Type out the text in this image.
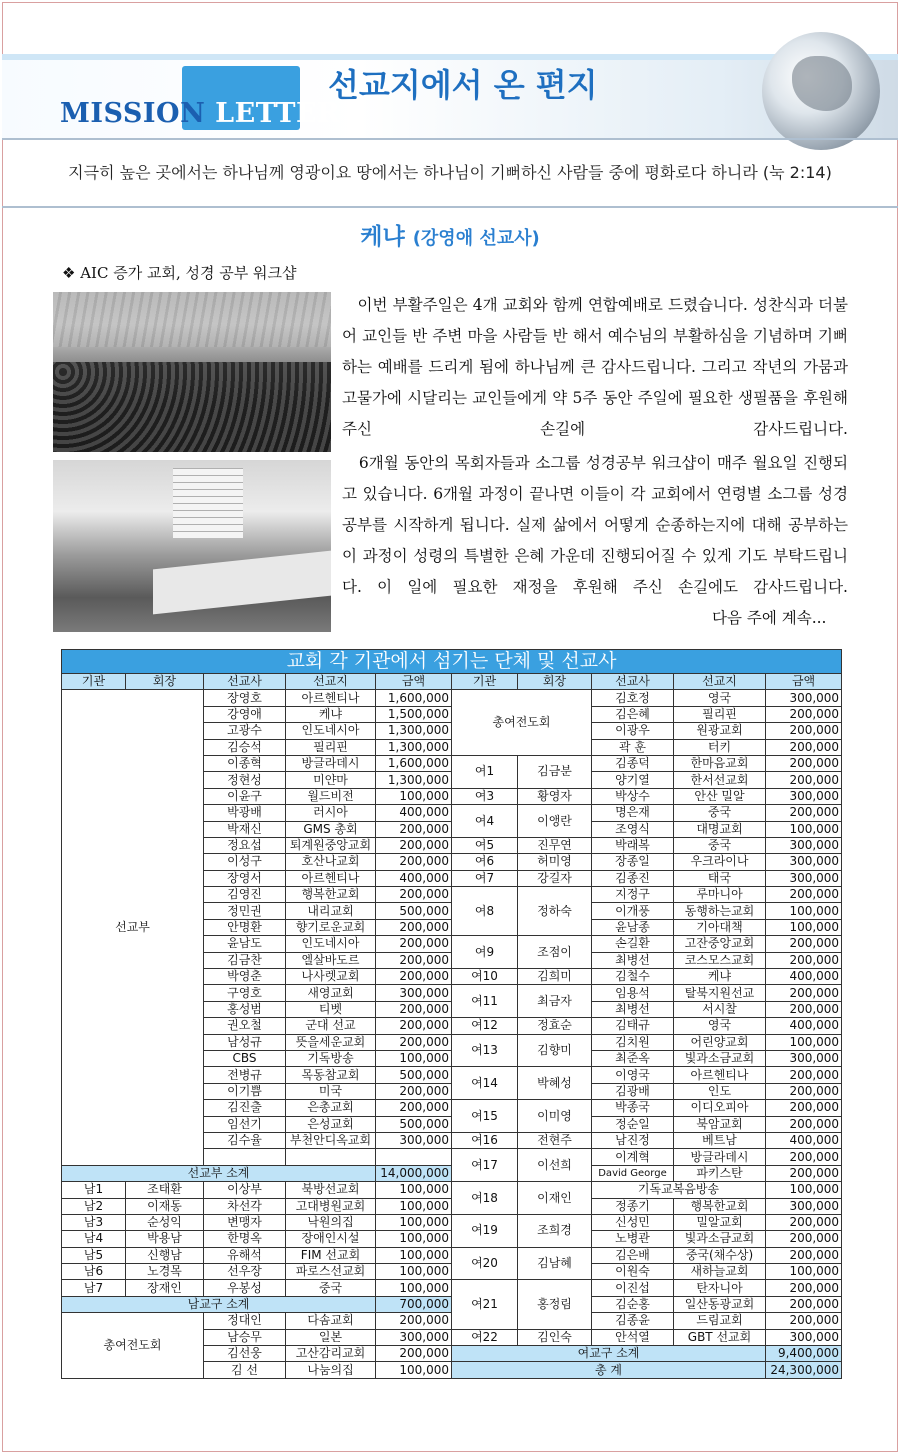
MISSION LETTER
선교지에서 온 편지
지극히 높은 곳에서는 하나님께 영광이요 땅에서는 하나님이 기뻐하신 사람들 중에 평화로다 하니라 (눅 2:14)
케냐 (강영애 선교사)
❖ AIC 증가 교회, 성경 공부 워크샵
이번 부활주일은 4개 교회와 함께 연합예배로 드렸습니다. 성찬식과 더불어 교인들 반 주변 마을 사람들 반 해서 예수님의 부활하심을 기념하며 기뻐하는 예배를 드리게 됨에 하나님께 큰 감사드립니다. 그리고 작년의 가뭄과 고물가에 시달리는 교인들에게 약 5주 동안 주일에 필요한 생필품을 후원해 주신 손길에 감사드립니다.
6개월 동안의 목회자들과 소그룹 성경공부 워크샵이 매주 월요일 진행되고 있습니다. 6개월 과정이 끝나면 이들이 각 교회에서 연령별 소그룹 성경공부를 시작하게 됩니다. 실제 삶에서 어떻게 순종하는지에 대해 공부하는 이 과정이 성령의 특별한 은혜 가운데 진행되어질 수 있게 기도 부탁드립니다. 이 일에 필요한 재정을 후원해 주신 손길에도 감사드립니다.
다음 주에 계속...
교회 각 기관에서 섬기는 단체 및 선교사									
기관	회장	선교사	선교지	금액	기관	회장	선교사	선교지	금액
선교부		장영호	아르헨티나	1,600,000	총여전도회		김호정	영국	300,000
		강영애	케냐	1,500,000			김은혜	필리핀	200,000
		고광수	인도네시아	1,300,000			이광우	원광교회	200,000
		김승석	필리핀	1,300,000			곽 훈	터키	200,000
		이종혁	방글라데시	1,600,000	여1	김금분	김종덕	한마음교회	200,000
		정현성	미얀마	1,300,000			양기열	한서선교회	200,000
		이윤구	월드비전	100,000	여3	황영자	박상수	안산 밀알	300,000
		박광배	러시아	400,000	여4	이앵란	명은재	중국	200,000
		박재신	GMS 총회	200,000			조영식	대명교회	100,000
		정요섭	퇴계원중앙교회	200,000	여5	진무연	박래복	중국	300,000
		이성구	호산나교회	200,000	여6	허미영	장종일	우크라이나	300,000
		장영서	아르헨티나	400,000	여7	강길자	김종진	태국	300,000
		김영진	행복한교회	200,000	여8	정하숙	지정구	루마니아	200,000
		정민권	내리교회	500,000			이개풍	동행하는교회	100,000
		안명환	향기로운교회	200,000			윤남종	기아대책	100,000
		윤남도	인도네시아	200,000	여9	조점이	손길환	고잔중앙교회	200,000
		김금찬	엘살바도르	200,000			최병선	코스모스교회	200,000
		박영춘	나사렛교회	200,000	여10	김희미	김철수	케냐	400,000
		구영호	새영교회	300,000	여11	최금자	임용석	탈북지원선교	200,000
		홍성범	티벳	200,000			최병선	서시찰	200,000
		권오철	군대 선교	200,000	여12	정효순	김태규	영국	400,000
		남성규	뜻을세운교회	200,000	여13	김향미	김치원	어린양교회	100,000
		CBS	기독방송	100,000			최준옥	빛과소금교회	300,000
		전병규	목동참교회	500,000	여14	박혜성	이영국	아르헨티나	200,000
		이기쁨	미국	200,000			김광배	인도	200,000
		김진출	은총교회	200,000	여15	이미영	박종국	이디오피아	200,000
		임선기	은성교회	500,000			정순일	북암교회	200,000
		김수율	부천안디옥교회	300,000	여16	전현주	남진정	베트남	400,000
					여17	이선희	이계혁	방글라데시	200,000
선교부 소계				14,000,000			David George	파키스탄	200,000
남1	조태환	이상부	북방선교회	100,000	여18	이재인	기독교복음방송		100,000
남2	이재동	차선각	고대병원교회	100,000			정종기	행복한교회	300,000
남3	순성익	변맹자	낙원의집	100,000	여19	조희경	신성민	밀알교회	200,000
남4	박용남	한명옥	장애인시설	100,000			노병관	빛과소금교회	200,000
남5	신행남	유해석	FIM 선교회	100,000	여20	김남혜	김은배	중국(채수상)	200,000
남6	노경목	선우장	파로스선교회	100,000			이원숙	새하늘교회	100,000
남7	장재인	우봉성	중국	100,000	여21	홍정림	이진섭	탄자니아	200,000
남교구 소계				700,000			김순홍	일산동광교회	200,000
총여전도회		정대인	다솜교회	200,000			김종윤	드림교회	200,000
		남승무	일본	300,000	여22	김인숙	안석열	GBT 선교회	300,000
		김선웅	고산감리교회	200,000	여교구 소계				9,400,000
		김 선	나눔의집	100,000	총 계				24,300,000
